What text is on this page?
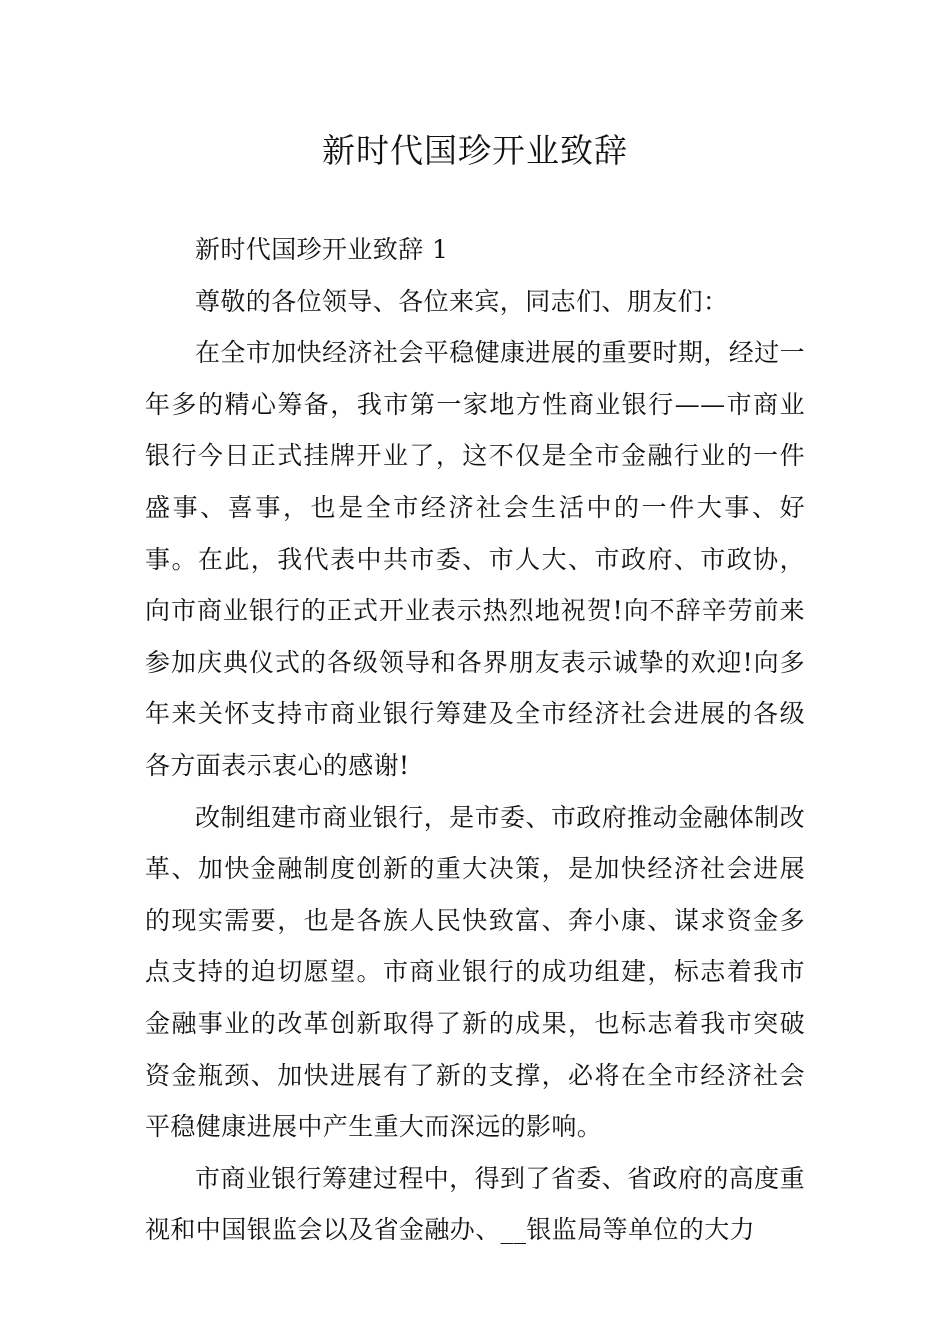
新时代国珍开业致辞

新时代国珍开业致辞 1

尊敬的各位领导、各位来宾，同志们、朋友们：

在全市加快经济社会平稳健康进展的重要时期，经过一年多的精心筹备，我市第一家地方性商业银行——市商业银行今日正式挂牌开业了，这不仅是全市金融行业的一件盛事、喜事，也是全市经济社会生活中的一件大事、好事。在此，我代表中共市委、市人大、市政府、市政协，向市商业银行的正式开业表示热烈地祝贺!向不辞辛劳前来参加庆典仪式的各级领导和各界朋友表示诚挚的欢迎!向多年来关怀支持市商业银行筹建及全市经济社会进展的各级各方面表示衷心的感谢!

改制组建市商业银行，是市委、市政府推动金融体制改革、加快金融制度创新的重大决策，是加快经济社会进展的现实需要，也是各族人民快致富、奔小康、谋求资金多点支持的迫切愿望。市商业银行的成功组建，标志着我市金融事业的改革创新取得了新的成果，也标志着我市突破资金瓶颈、加快进展有了新的支撑，必将在全市经济社会平稳健康进展中产生重大而深远的影响。

市商业银行筹建过程中，得到了省委、省政府的高度重视和中国银监会以及省金融办、__银监局等单位的大力
